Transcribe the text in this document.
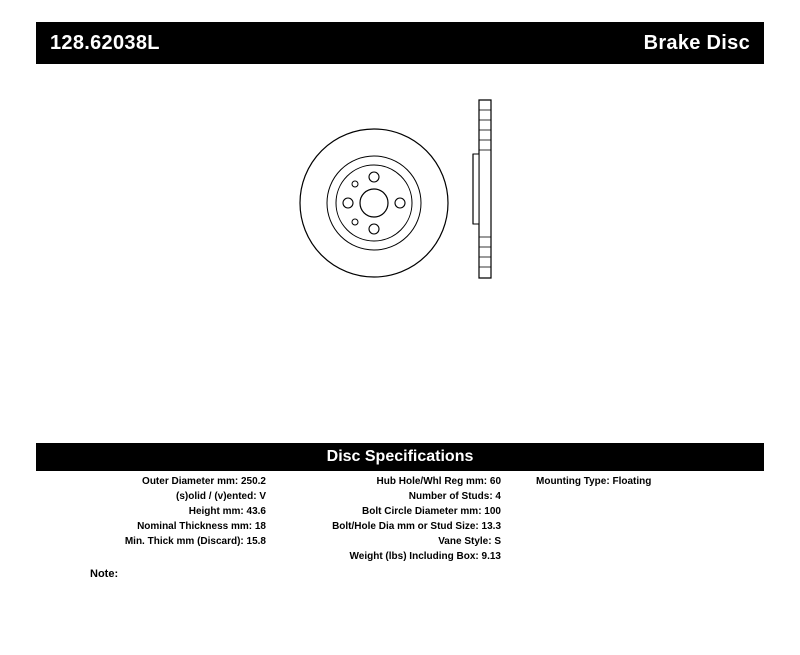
128.62038L	Brake Disc
Disc Specifications
Outer Diameter mm: 250.2
(s)olid / (v)ented: V
Height mm: 43.6
Nominal Thickness mm: 18
Min. Thick mm (Discard): 15.8
Hub Hole/Whl Reg mm: 60
Number of Studs: 4
Bolt Circle Diameter mm: 100
Bolt/Hole Dia mm or Stud Size: 13.3
Vane Style: S
Weight (lbs) Including Box: 9.13
Mounting Type: Floating
Note:
